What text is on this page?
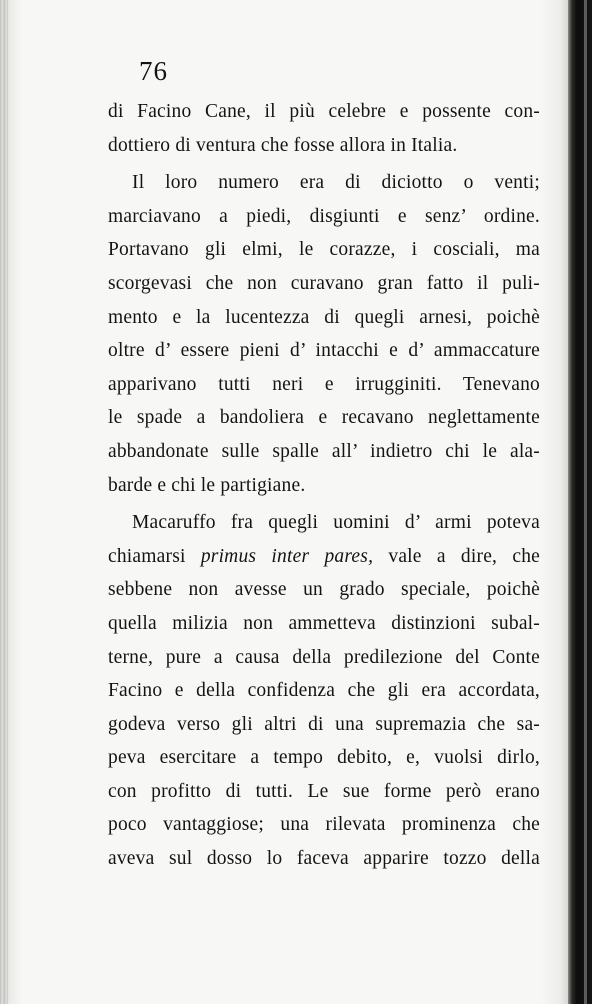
76
di Facino Cane, il più celebre e possente con-
dottiero di ventura che fosse allora in Italia.
Il loro numero era di diciotto o venti;
marciavano a piedi, disgiunti e senz’ ordine.
Portavano gli elmi, le corazze, i cosciali, ma
scorgevasi che non curavano gran fatto il puli-
mento e la lucentezza di quegli arnesi, poichè
oltre d’ essere pieni d’ intacchi e d’ ammaccature
apparivano tutti neri e irrugginiti. Tenevano
le spade a bandoliera e recavano neglettamente
abbandonate sulle spalle all’ indietro chi le ala-
barde e chi le partigiane.
Macaruffo fra quegli uomini d’ armi poteva
chiamarsi primus inter pares, vale a dire, che
sebbene non avesse un grado speciale, poichè
quella milizia non ammetteva distinzioni subal-
terne, pure a causa della predilezione del Conte
Facino e della confidenza che gli era accordata,
godeva verso gli altri di una supremazia che sa-
peva esercitare a tempo debito, e, vuolsi dirlo,
con profitto di tutti. Le sue forme però erano
poco vantaggiose; una rilevata prominenza che
aveva sul dosso lo faceva apparire tozzo della
